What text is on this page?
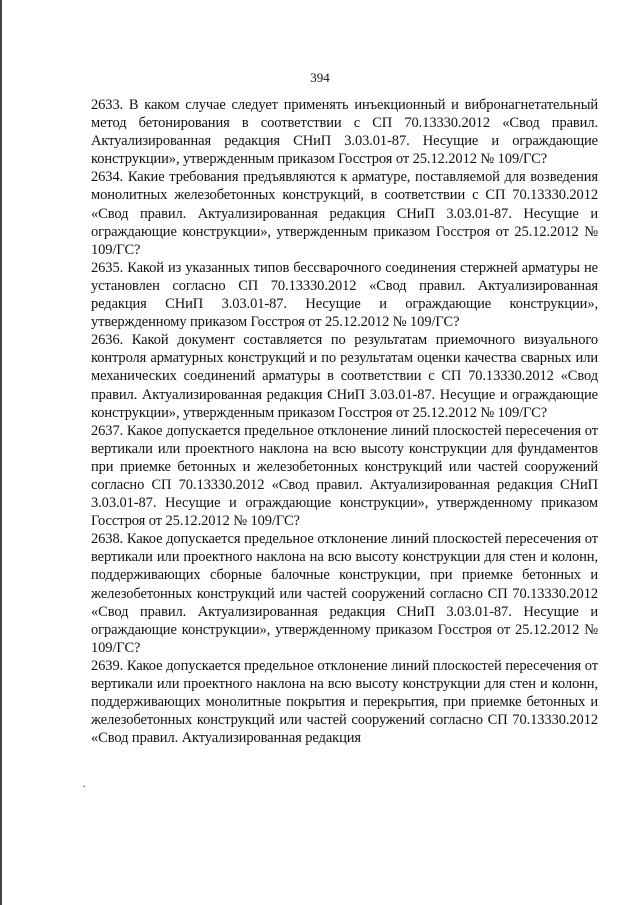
394

2633. В каком случае следует применять инъекционный и вибронагнетательный метод бетонирования в соответствии с СП 70.13330.2012 «Свод правил. Актуализированная редакция СНиП 3.03.01-87. Несущие и ограждающие конструкции», утвержденным приказом Госстроя от 25.12.2012 № 109/ГС?

2634. Какие требования предъявляются к арматуре, поставляемой для возведения монолитных железобетонных конструкций, в соответствии с СП 70.13330.2012 «Свод правил. Актуализированная редакция СНиП 3.03.01-87. Несущие и ограждающие конструкции», утвержденным приказом Госстроя от 25.12.2012 № 109/ГС?

2635. Какой из указанных типов бессварочного соединения стержней арматуры не установлен согласно СП 70.13330.2012 «Свод правил. Актуализированная редакция СНиП 3.03.01-87. Несущие и ограждающие конструкции», утвержденному приказом Госстроя от 25.12.2012 № 109/ГС?

2636. Какой документ составляется по результатам приемочного визуального контроля арматурных конструкций и по результатам оценки качества сварных или механических соединений арматуры в соответствии с СП 70.13330.2012 «Свод правил. Актуализированная редакция СНиП 3.03.01-87. Несущие и ограждающие конструкции», утвержденным приказом Госстроя от 25.12.2012 № 109/ГС?

2637. Какое допускается предельное отклонение линий плоскостей пересечения от вертикали или проектного наклона на всю высоту конструкции для фундаментов при приемке бетонных и железобетонных конструкций или частей сооружений согласно СП 70.13330.2012 «Свод правил. Актуализированная редакция СНиП 3.03.01-87. Несущие и ограждающие конструкции», утвержденному приказом Госстроя от 25.12.2012 № 109/ГС?

2638. Какое допускается предельное отклонение линий плоскостей пересечения от вертикали или проектного наклона на всю высоту конструкции для стен и колонн, поддерживающих сборные балочные конструкции, при приемке бетонных и железобетонных конструкций или частей сооружений согласно СП 70.13330.2012 «Свод правил. Актуализированная редакция СНиП 3.03.01-87. Несущие и ограждающие конструкции», утвержденному приказом Госстроя от 25.12.2012 № 109/ГС?

2639. Какое допускается предельное отклонение линий плоскостей пересечения от вертикали или проектного наклона на всю высоту конструкции для стен и колонн, поддерживающих монолитные покрытия и перекрытия, при приемке бетонных и железобетонных конструкций или частей сооружений согласно СП 70.13330.2012 «Свод правил. Актуализированная редакция

.
